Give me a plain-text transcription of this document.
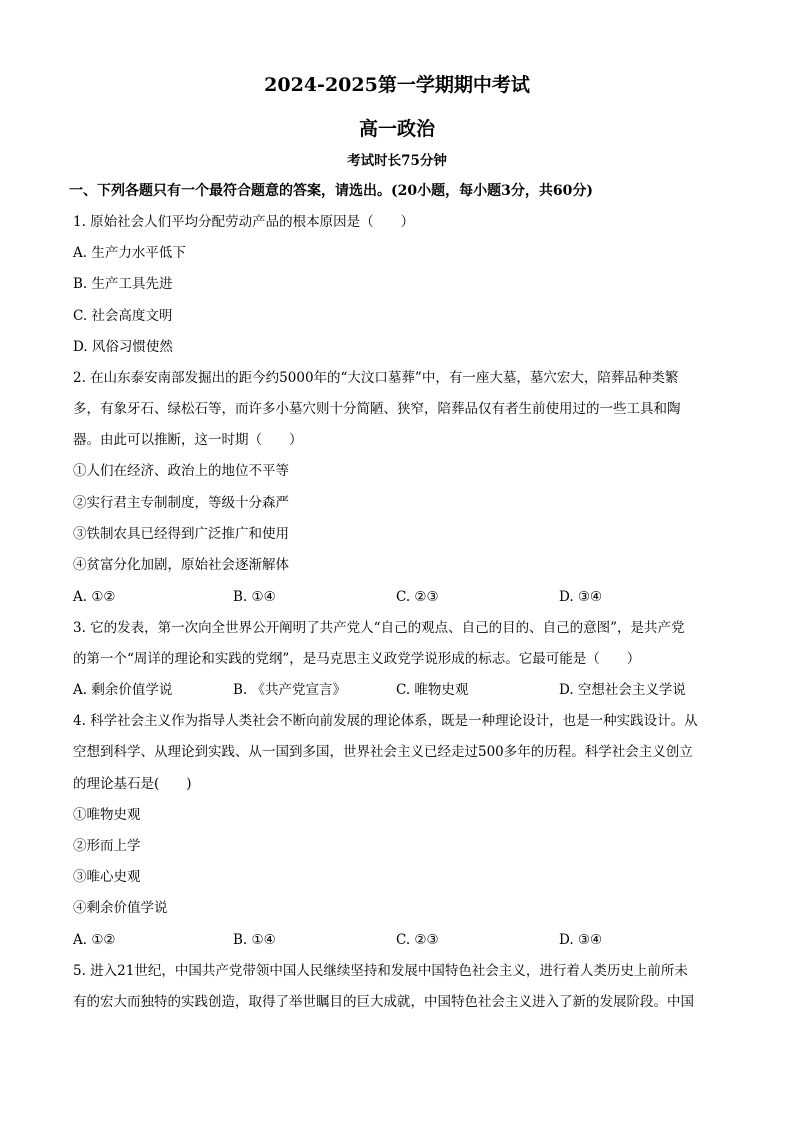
2024-2025第一学期期中考试
高一政治
考试时长75分钟
一、下列各题只有一个最符合题意的答案，请选出。(20小题，每小题3分，共60分)
1. 原始社会人们平均分配劳动产品的根本原因是（　　）
A. 生产力水平低下
B. 生产工具先进
C. 社会高度文明
D. 风俗习惯使然
2. 在山东泰安南部发掘出的距今约5000年的“大汶口墓葬”中，有一座大墓，墓穴宏大，陪葬品种类繁
多，有象牙石、绿松石等，而许多小墓穴则十分简陋、狭窄，陪葬品仅有者生前使用过的一些工具和陶
器。由此可以推断，这一时期（　　）
①人们在经济、政治上的地位不平等
②实行君主专制制度，等级十分森严
③铁制农具已经得到广泛推广和使用
④贫富分化加剧，原始社会逐渐解体
A. ①②	B. ①④	C. ②③	D. ③④
3. 它的发表，第一次向全世界公开阐明了共产党人“自己的观点、自己的目的、自己的意图”，是共产党
的第一个“周详的理论和实践的党纲”，是马克思主义政党学说形成的标志。它最可能是（　　）
A. 剩余价值学说	B. 《共产党宣言》	C. 唯物史观	D. 空想社会主义学说
4. 科学社会主义作为指导人类社会不断向前发展的理论体系，既是一种理论设计，也是一种实践设计。从
空想到科学、从理论到实践、从一国到多国，世界社会主义已经走过500多年的历程。科学社会主义创立
的理论基石是(　　)
①唯物史观
②形而上学
③唯心史观
④剩余价值学说
A. ①②	B. ①④	C. ②③	D. ③④
5. 进入21世纪，中国共产党带领中国人民继续坚持和发展中国特色社会主义，进行着人类历史上前所未
有的宏大而独特的实践创造，取得了举世瞩目的巨大成就，中国特色社会主义进入了新的发展阶段。中国
